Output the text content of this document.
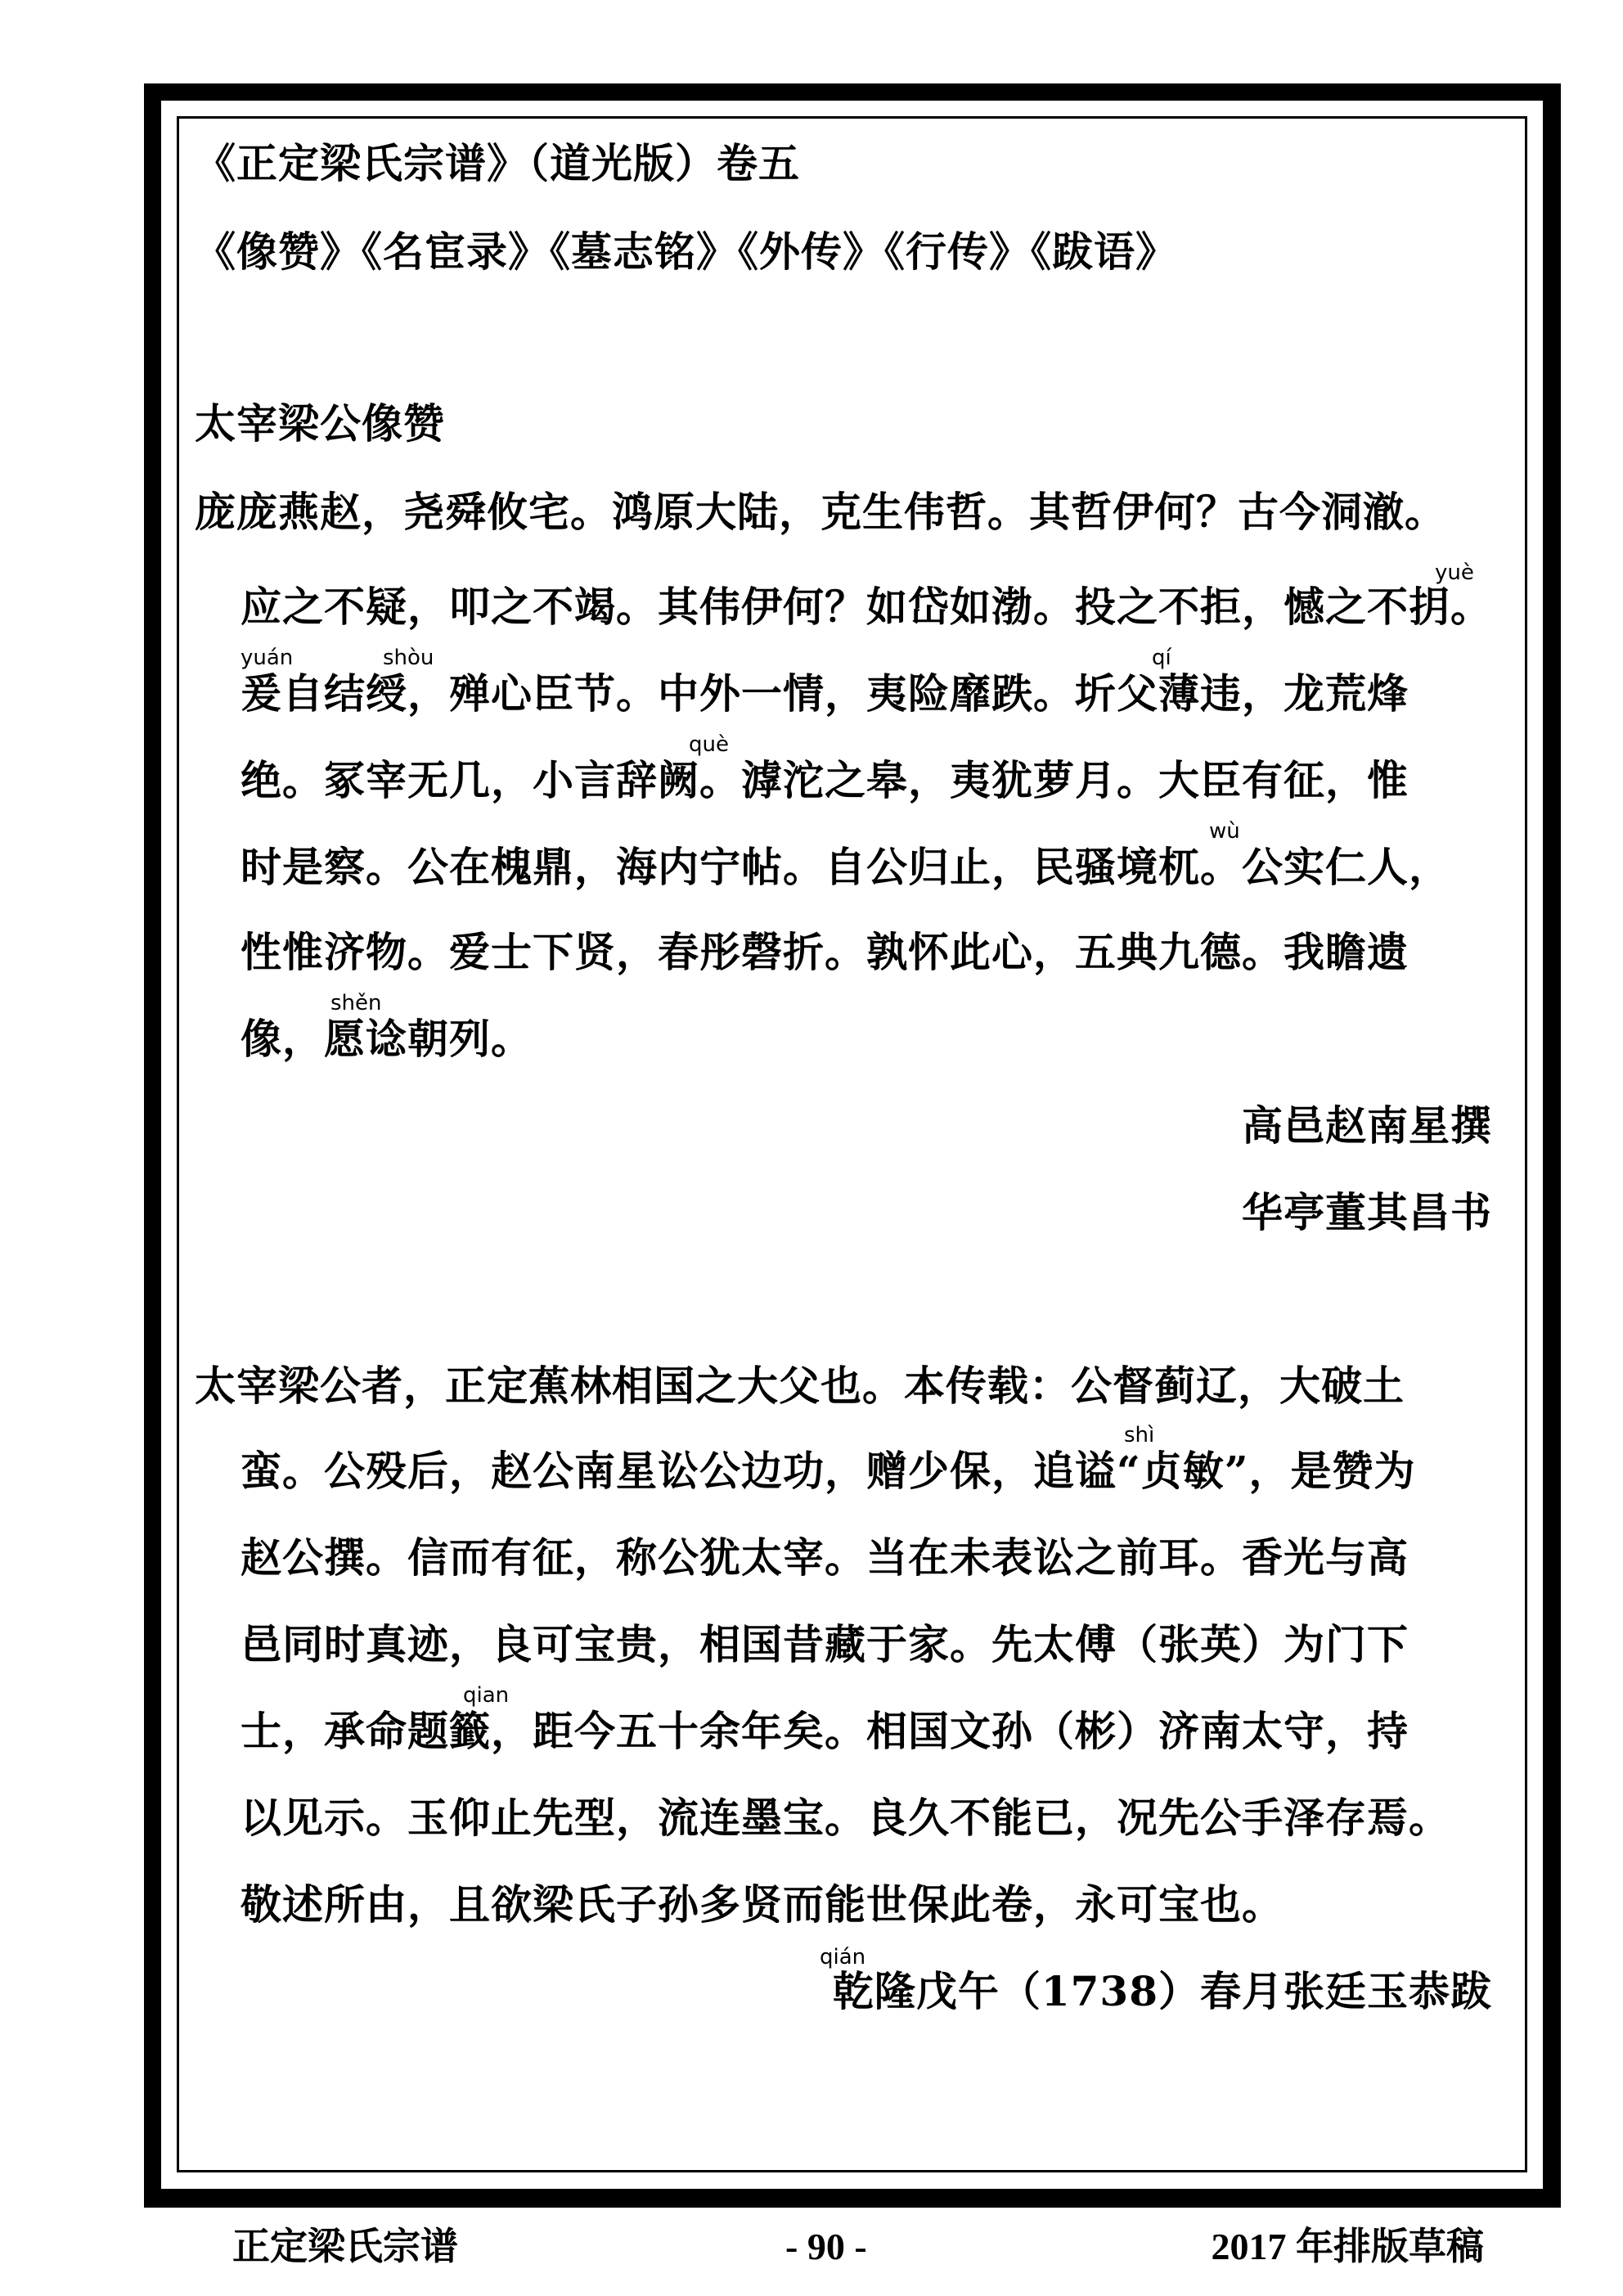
《正定梁氏宗谱》（道光版）卷五
《像赞》《名宦录》《墓志铭》《外传》《行传》《跋语》
太宰梁公像赞
庞庞燕赵，尧舜攸宅。鸿原大陆，克生伟哲。其哲伊何？古今洞澈。
yuè
应之不疑，叩之不竭。其伟伊何？如岱如渤。投之不拒，憾之不抈。
yuán	shòu	qí
爰自结绶，殚心臣节。中外一情，夷险靡跌。圻父薄违，龙荒烽
què
绝。冢宰无几，小言辞阙。滹沱之皋，夷犹萝月。大臣有征，惟
wù
时是察。公在槐鼎，海内宁帖。自公归止，民骚境杌。公实仁人，
性惟济物。爱士下贤，春彤磬折。孰怀此心，五典九德。我瞻遗
shěn
像，愿谂朝列。
高邑赵南星撰
华亭董其昌书
太宰梁公者，正定蕉林相国之大父也。本传载：公督蓟辽，大破土
shì
蛮。公殁后，赵公南星讼公边功，赠少保，追谥“贞敏”，是赞为
赵公撰。信而有征，称公犹太宰。当在未表讼之前耳。香光与高
邑同时真迹，良可宝贵，相国昔藏于家。先太傅（张英）为门下
qian
士，承命题籤，距今五十余年矣。相国文孙（彬）济南太守，持
以见示。玉仰止先型，流连墨宝。良久不能已，况先公手泽存焉。
敬述所由，且欲梁氏子孙多贤而能世保此卷，永可宝也。
qián
乾隆戊午（1738）春月张廷玉恭跋
正定梁氏宗谱	- 90 -	2017 年排版草稿
